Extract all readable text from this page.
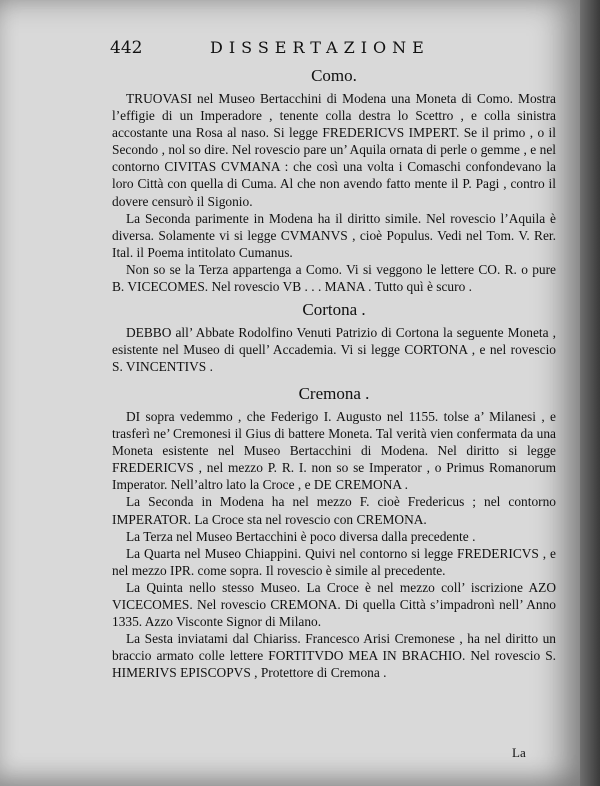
442	DISSERTAZIONE
Como.

TRUOVASI nel Museo Bertacchini di Modena una Moneta di Como. Mostra l’effigie di un Imperadore , tenente colla destra lo Scettro , e colla sinistra accostante una Rosa al naso. Si legge FREDERICVS IMPERT. Se il primo , o il Secondo , nol so dire. Nel rovescio pare un’ Aquila ornata di perle o gemme , e nel contorno CIVITAS CVMANA : che così una volta i Comaschi confondevano la loro Città con quella di Cuma. Al che non avendo fatto mente il P. Pagi , contro il dovere censurò il Sigonio.

La Seconda parimente in Modena ha il diritto simile. Nel rovescio l’Aquila è diversa. Solamente vi si legge CVMANVS , cioè Populus. Vedi nel Tom. V. Rer. Ital. il Poema intitolato Cumanus.

Non so se la Terza appartenga a Como. Vi si veggono le lettere CO. R. o pure B. VICECOMES. Nel rovescio VB . . . MANA . Tutto quì è scuro .

Cortona .

DEBBO all’ Abbate Rodolfino Venuti Patrizio di Cortona la seguente Moneta , esistente nel Museo di quell’ Accademia. Vi si legge CORTONA , e nel rovescio S. VINCENTIVS .

Cremona .

DI sopra vedemmo , che Federigo I. Augusto nel 1155. tolse a’ Milanesi , e trasferì ne’ Cremonesi il Gius di battere Moneta. Tal verità vien confermata da una Moneta esistente nel Museo Bertacchini di Modena. Nel diritto si legge FREDERICVS , nel mezzo P. R. I. non so se Imperator , o Primus Romanorum Imperator. Nell’altro lato la Croce , e DE CREMONA .

La Seconda in Modena ha nel mezzo F. cioè Fredericus ; nel contorno IMPERATOR. La Croce sta nel rovescio con CREMONA.

La Terza nel Museo Bertacchini è poco diversa dalla precedente .

La Quarta nel Museo Chiappini. Quivi nel contorno si legge FREDERICVS , e nel mezzo IPR. come sopra. Il rovescio è simile al precedente.

La Quinta nello stesso Museo. La Croce è nel mezzo coll’ iscrizione AZO VICECOMES. Nel rovescio CREMONA. Di quella Città s’impadronì nell’ Anno 1335. Azzo Visconte Signor di Milano.

La Sesta inviatami dal Chiariss. Francesco Arisi Cremonese , ha nel diritto un braccio armato colle lettere FORTITVDO MEA IN BRACHIO. Nel rovescio S. HIMERIVS EPISCOPVS , Protettore di Cremona .

La
